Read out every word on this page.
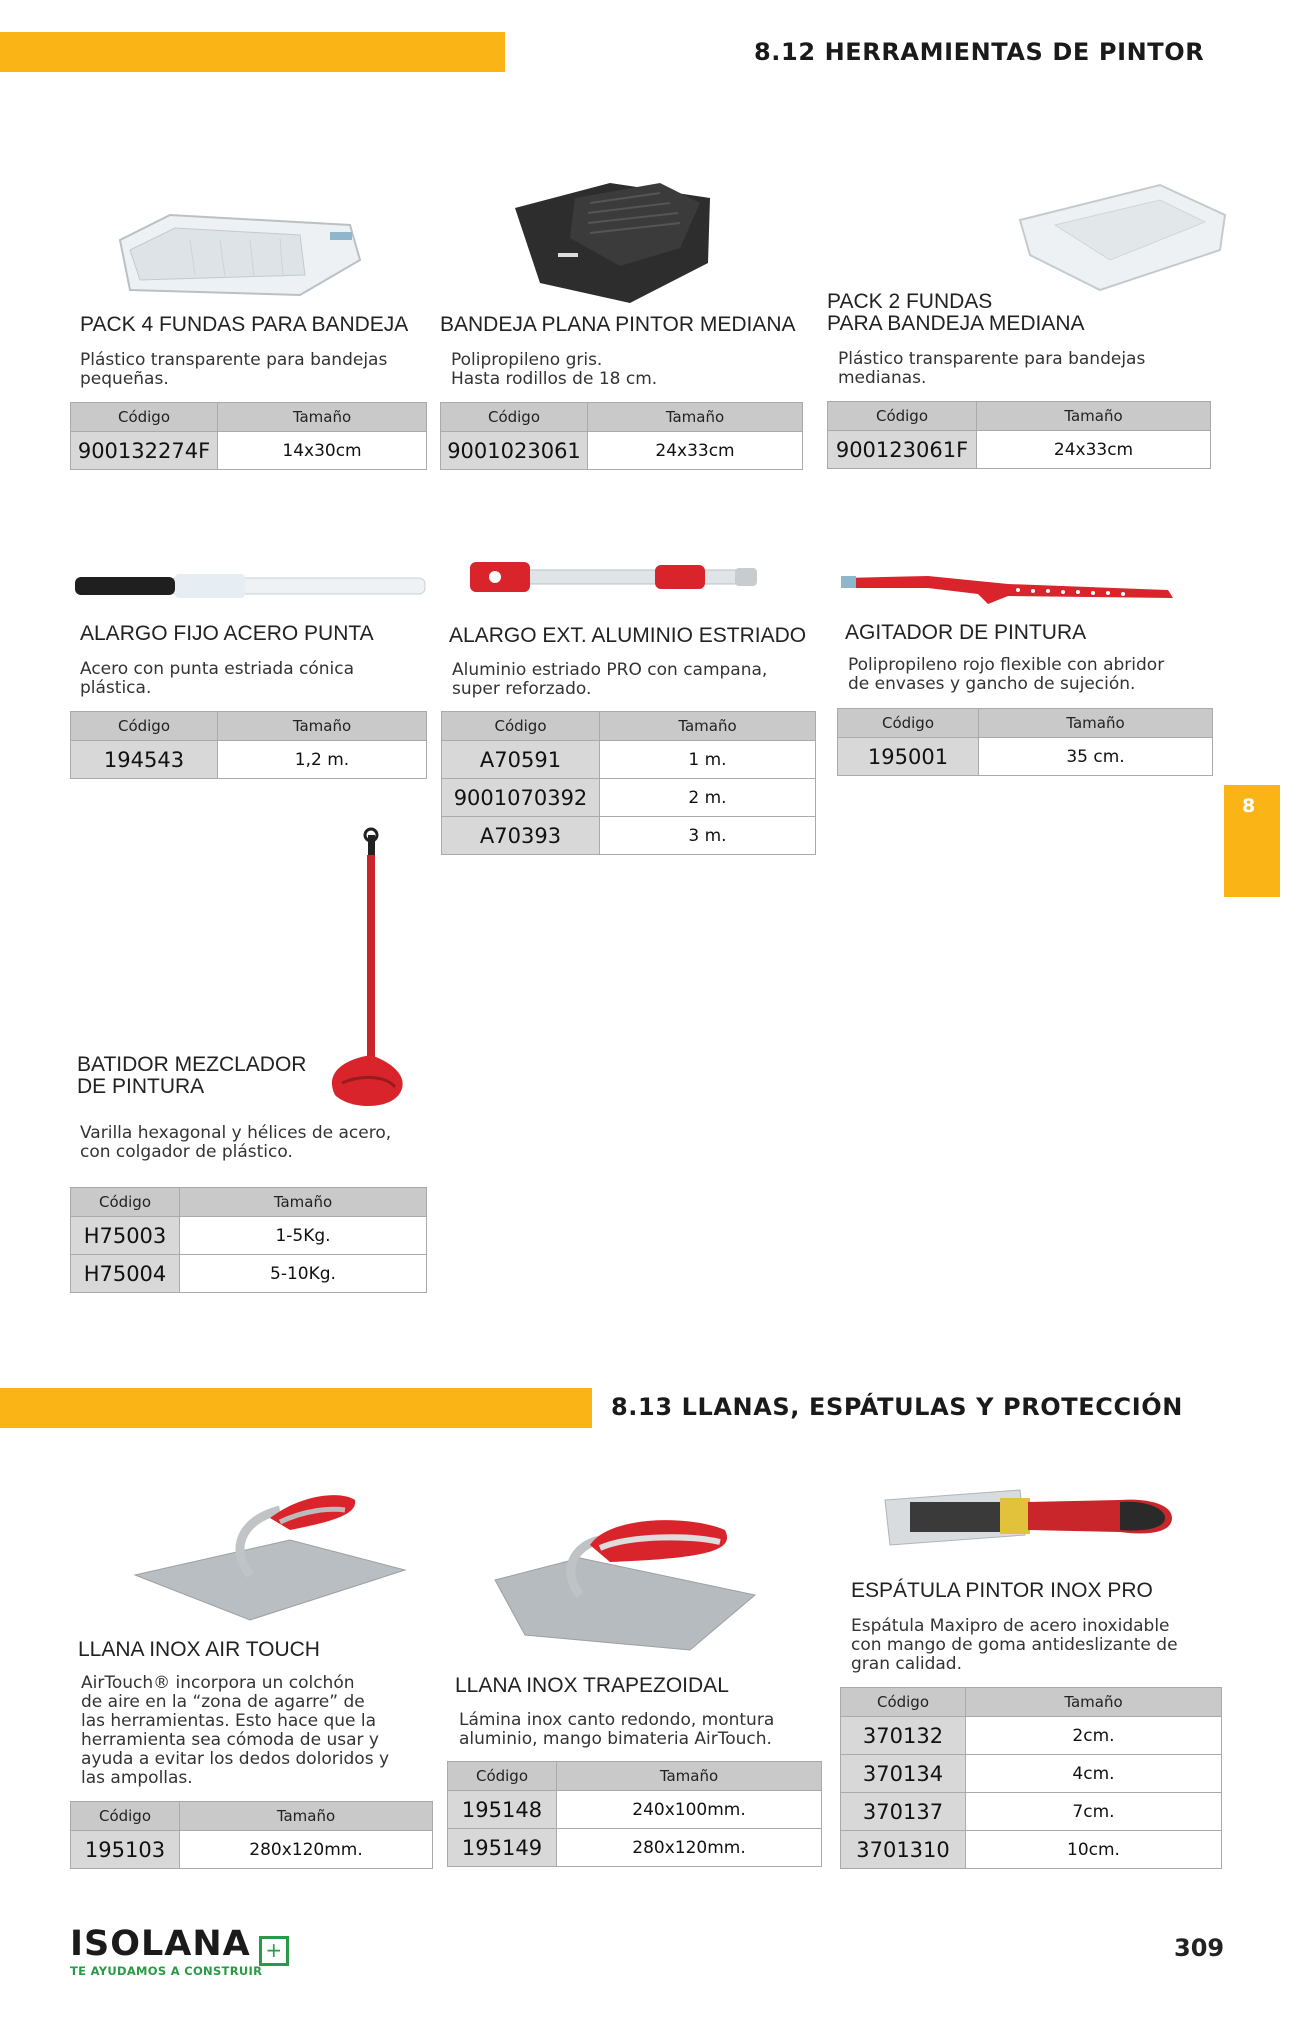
8.12 HERRAMIENTAS DE PINTOR
PACK 4 FUNDAS PARA BANDEJA
Plástico transparente para bandejas
pequeñas.
Código	Tamaño
900132274F	14x30cm
BANDEJA PLANA PINTOR MEDIANA
Polipropileno gris.
Hasta rodillos de 18 cm.
Código	Tamaño
9001023061	24x33cm
PACK 2 FUNDAS
PARA BANDEJA MEDIANA
Plástico transparente para bandejas
medianas.
Código	Tamaño
900123061F	24x33cm
ALARGO FIJO ACERO PUNTA
Acero con punta estriada cónica
plástica.
Código	Tamaño
194543	1,2 m.
ALARGO EXT. ALUMINIO ESTRIADO
Aluminio estriado PRO con campana,
super reforzado.
Código	Tamaño
A70591	1 m.
9001070392	2 m.
A70393	3 m.
AGITADOR DE PINTURA
Polipropileno rojo flexible con abridor
de envases y gancho de sujeción.
Código	Tamaño
195001	35 cm.
8
BATIDOR MEZCLADOR
DE PINTURA
Varilla hexagonal y hélices de acero,
con colgador de plástico.
Código	Tamaño
H75003	1-5Kg.
H75004	5-10Kg.
8.13 LLANAS, ESPÁTULAS Y PROTECCIÓN
LLANA INOX AIR TOUCH
AirTouch® incorpora un colchón
de aire en la “zona de agarre” de
las herramientas. Esto hace que la
herramienta sea cómoda de usar y
ayuda a evitar los dedos doloridos y
las ampollas.
Código	Tamaño
195103	280x120mm.
LLANA INOX TRAPEZOIDAL
Lámina inox canto redondo, montura
aluminio, mango bimateria AirTouch.
Código	Tamaño
195148	240x100mm.
195149	280x120mm.
ESPÁTULA PINTOR INOX PRO
Espátula Maxipro de acero inoxidable
con mango de goma antideslizante de
gran calidad.
Código	Tamaño
370132	2cm.
370134	4cm.
370137	7cm.
3701310	10cm.
ISOLANA +
TE AYUDAMOS A CONSTRUIR
309
